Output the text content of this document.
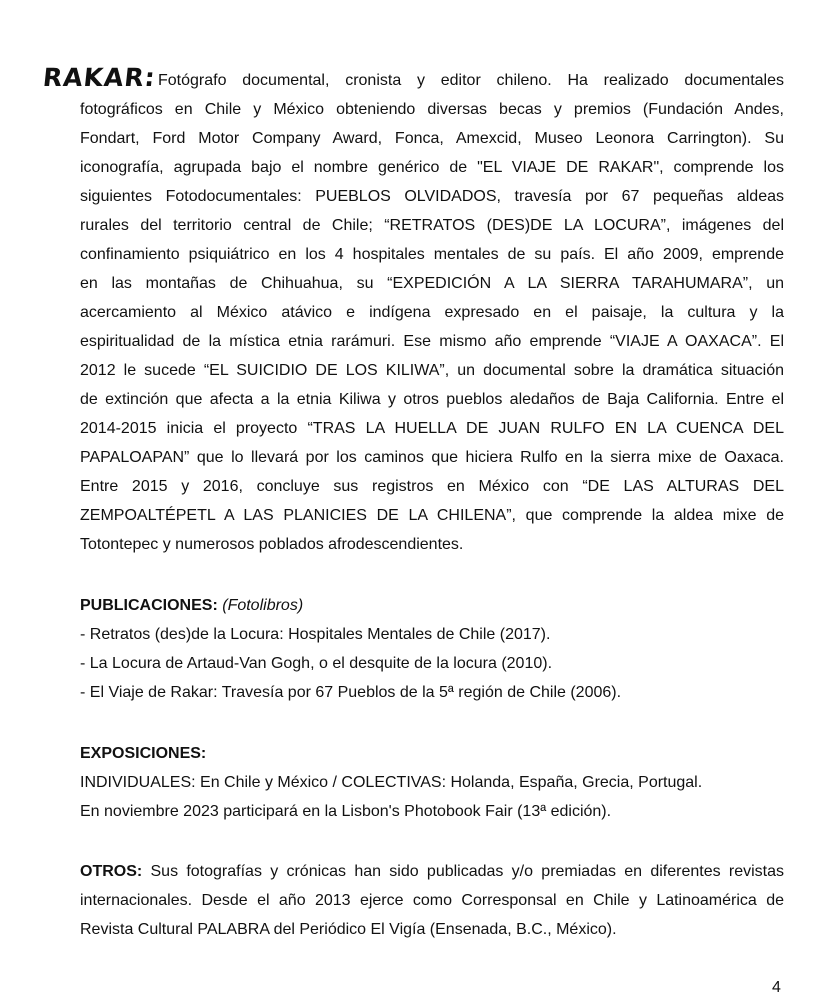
RAKAR: Fotógrafo documental, cronista y editor chileno. Ha realizado documentales
fotográficos en Chile y México obteniendo diversas becas y premios (Fundación Andes,
Fondart, Ford Motor Company Award, Fonca, Amexcid, Museo Leonora Carrington). Su
iconografía, agrupada bajo el nombre genérico de "EL VIAJE DE RAKAR", comprende los
siguientes Fotodocumentales: PUEBLOS OLVIDADOS, travesía por 67 pequeñas aldeas
rurales del territorio central de Chile; “RETRATOS (DES)DE LA LOCURA”, imágenes del
confinamiento psiquiátrico en los 4 hospitales mentales de su país. El año 2009, emprende
en las montañas de Chihuahua, su “EXPEDICIÓN A LA SIERRA TARAHUMARA”, un
acercamiento al México atávico e indígena expresado en el paisaje, la cultura y la
espiritualidad de la mística etnia rarámuri. Ese mismo año emprende “VIAJE A OAXACA”. El
2012 le sucede “EL SUICIDIO DE LOS KILIWA”, un documental sobre la dramática situación
de extinción que afecta a la etnia Kiliwa y otros pueblos aledaños de Baja California. Entre el
2014-2015 inicia el proyecto “TRAS LA HUELLA DE JUAN RULFO EN LA CUENCA DEL
PAPALOAPAN” que lo llevará por los caminos que hiciera Rulfo en la sierra mixe de Oaxaca.
Entre 2015 y 2016, concluye sus registros en México con “DE LAS ALTURAS DEL
ZEMPOALTÉPETL A LAS PLANICIES DE LA CHILENA”, que comprende la aldea mixe de
Totontepec y numerosos poblados afrodescendientes.
PUBLICACIONES: (Fotolibros)
- Retratos (des)de la Locura: Hospitales Mentales de Chile (2017).
- La Locura de Artaud-Van Gogh, o el desquite de la locura (2010).
- El Viaje de Rakar: Travesía por 67 Pueblos de la 5ª región de Chile (2006).
EXPOSICIONES:
INDIVIDUALES: En Chile y México / COLECTIVAS: Holanda, España, Grecia, Portugal.
En noviembre 2023 participará en la Lisbon's Photobook Fair (13ª edición).
OTROS: Sus fotografías y crónicas han sido publicadas y/o premiadas en diferentes revistas
internacionales. Desde el año 2013 ejerce como Corresponsal en Chile y Latinoamérica de
Revista Cultural PALABRA del Periódico El Vigía (Ensenada, B.C., México).
4
